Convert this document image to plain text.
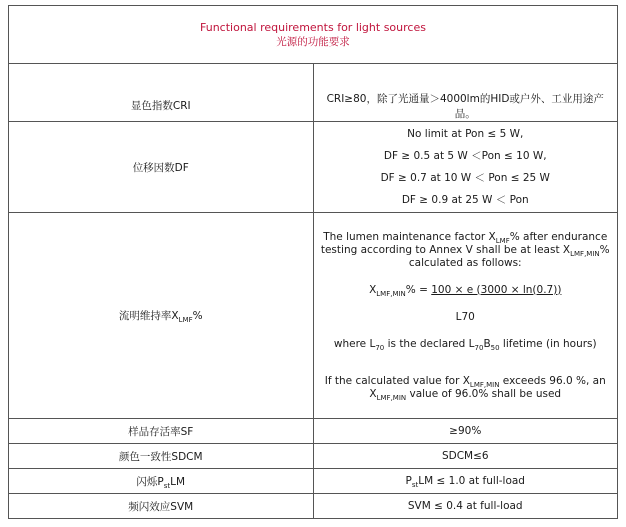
Functional requirements for light sources
光源的功能要求	

显色指数CRI	CRI≥80，除了光通量＞4000lm的HID或户外、工业用途产品。
位移因数DF	No limit at Pon ≤ 5 W,
DF ≥ 0.5 at 5 W ＜Pon ≤ 10 W,
DF ≥ 0.7 at 10 W ＜ Pon ≤ 25 W
DF ≥ 0.9 at 25 W ＜ Pon

流明维持率$X_{LMF}\%$	The lumen maintenance factor $X_{LMF}\%$ after endurance testing according to Annex V shall be at least $X_{LMF,MIN}\%$ calculated as follows:

$X_{LMF,MIN}\% = 100 \times e$ (3000 × ln(0.7))

L70

where $L_{70}$ is the declared $L_{70}B_{50}$ lifetime (in hours)

If the calculated value for $X_{LMF,MIN}$ exceeds 96.0 %, an $X_{LMF,MIN}$ value of 96.0% shall be used

样品存活率SF	≥90%
颜色一致性SDCM	SDCM≤6
闪烁$P_{st}LM$	$P_{st}LM \le 1.0$ at full-load
频闪效应SVM	SVM ≤ 0.4 at full-load
